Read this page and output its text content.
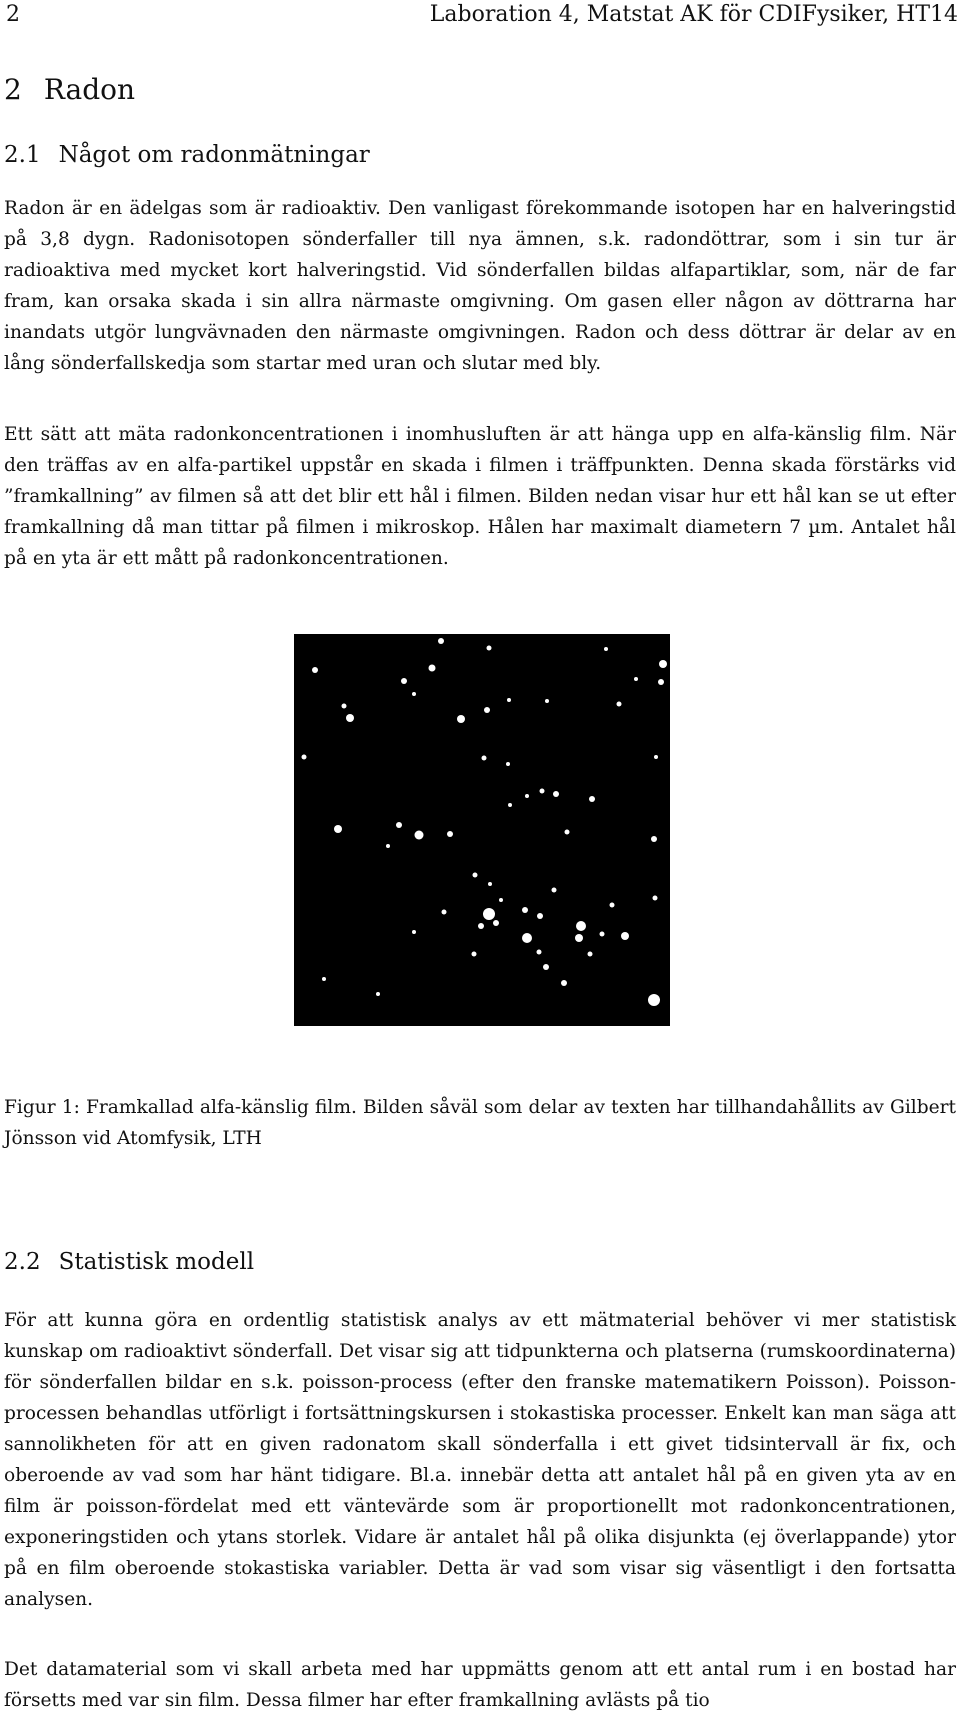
2	Laboration 4, Matstat AK för CDIFysiker, HT14
2 Radon
2.1 Något om radonmätningar

Radon är en ädelgas som är radioaktiv. Den vanligast förekommande isotopen har en halveringstid på 3,8 dygn. Radonisotopen sönderfaller till nya ämnen, s.k. radondöttrar, som i sin tur är radioaktiva med mycket kort halveringstid. Vid sönderfallen bildas alfapartiklar, som, när de far fram, kan orsaka skada i sin allra närmaste omgivning. Om gasen eller någon av döttrarna har inandats utgör lungvävnaden den närmaste omgivningen. Radon och dess döttrar är delar av en lång sönderfallskedja som startar med uran och slutar med bly.

Ett sätt att mäta radonkoncentrationen i inomhusluften är att hänga upp en alfa-känslig film. När den träffas av en alfa-partikel uppstår en skada i filmen i träffpunkten. Denna skada förstärks vid ”framkallning” av filmen så att det blir ett hål i filmen. Bilden nedan visar hur ett hål kan se ut efter framkallning då man tittar på filmen i mikroskop. Hålen har maximalt diametern 7 µm. Antalet hål på en yta är ett mått på radonkoncentrationen.

Figur 1: Framkallad alfa-känslig film. Bilden såväl som delar av texten har tillhandahållits av Gilbert Jönsson vid Atomfysik, LTH

2.2 Statistisk modell

För att kunna göra en ordentlig statistisk analys av ett mätmaterial behöver vi mer statistisk kunskap om radioaktivt sönderfall. Det visar sig att tidpunkterna och platserna (rumskoordinaterna) för sönderfallen bildar en s.k. poisson-process (efter den franske matematikern Poisson). Poisson-processen behandlas utförligt i fortsättningskursen i stokastiska processer. Enkelt kan man säga att sannolikheten för att en given radonatom skall sönderfalla i ett givet tidsintervall är fix, och oberoende av vad som har hänt tidigare. Bl.a. innebär detta att antalet hål på en given yta av en film är poisson-fördelat med ett väntevärde som är proportionellt mot radonkoncentrationen, exponeringstiden och ytans storlek. Vidare är antalet hål på olika disjunkta (ej överlappande) ytor på en film oberoende stokastiska variabler. Detta är vad som visar sig väsentligt i den fortsatta analysen.

Det datamaterial som vi skall arbeta med har uppmätts genom att ett antal rum i en bostad har försetts med var sin film. Dessa filmer har efter framkallning avlästs på tio
